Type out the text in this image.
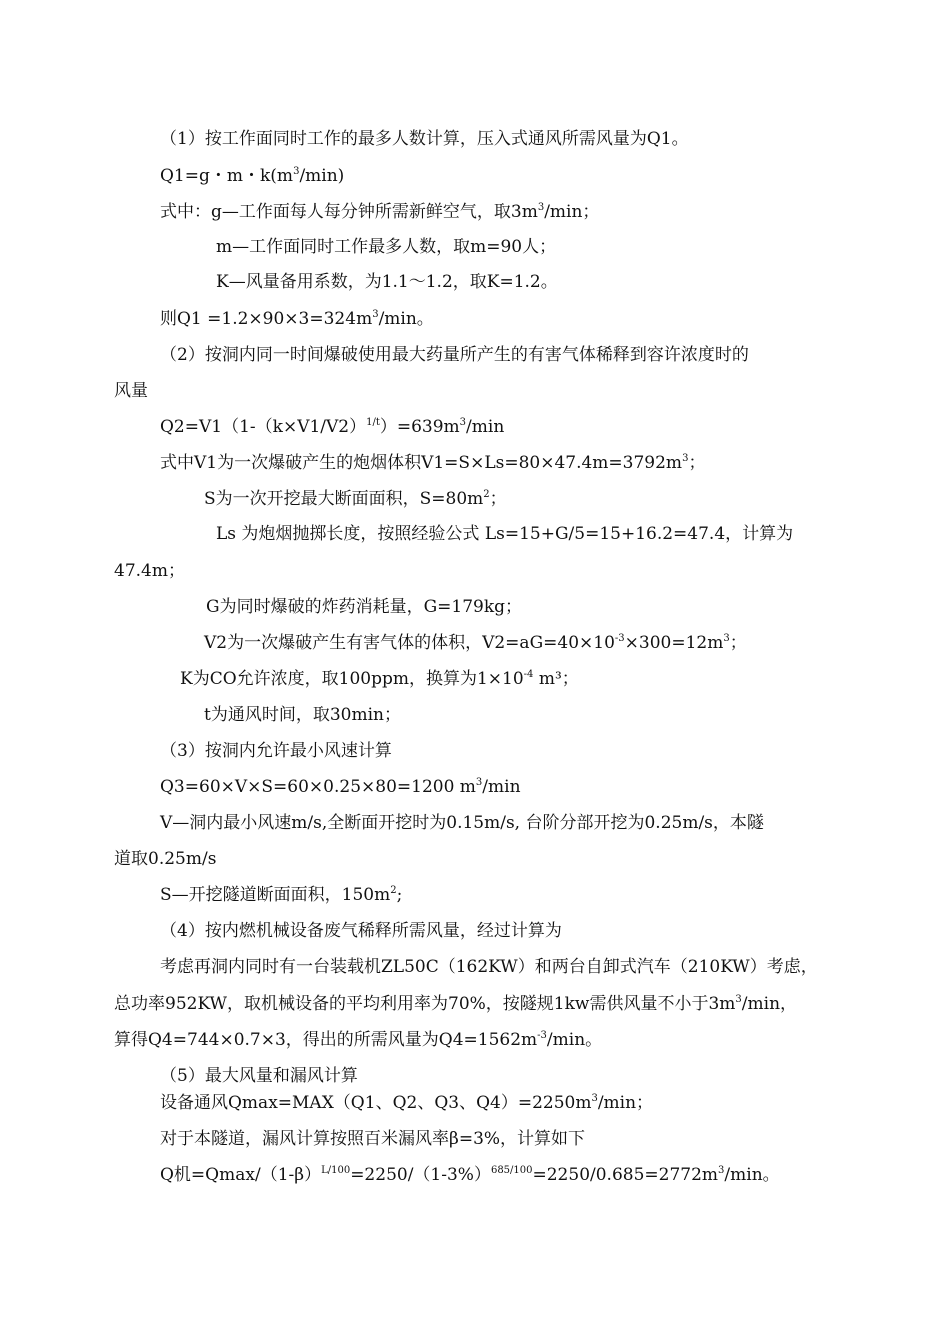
（1）按工作面同时工作的最多人数计算，压入式通风所需风量为Q1。
Q1=g・m・$k(m^3/\min)$
式中：g—工作面每人每分钟所需新鲜空气，取$3m^3/\min$；
m—工作面同时工作最多人数，取m=90人；
K—风量备用系数，为1.1～1.2，取K=1.2。
则$Q1 =1.2\times 90\times 3=324m^3/\min$。
（2）按洞内同一时间爆破使用最大药量所产生的有害气体稀释到容许浓度时的
风量
$Q2=V1(1-(k\times V1/V2)^{1/t})=639m^3/\min$
式中V1为一次爆破产生的炮烟体积$V1=S\times Ls=80\times 47.4m=3792m^3$；
S为一次开挖最大断面面积，$S=80m^2$；
Ls 为炮烟抛掷长度，按照经验公式 Ls=15+G/5=15+16.2=47.4，计算为
47.4m；
G为同时爆破的炸药消耗量，G=179kg；
V2为一次爆破产生有害气体的体积，$V2=aG=40\times 10^{-3}\times 300=12m^3$；
K为CO允许浓度，取100ppm，换算为$1\times 10^{-4}$ m³；
t为通风时间，取30min；
（3）按洞内允许最小风速计算
Q3=60×V×S=60×0.25×80=1200 $m^3/\min$
V—洞内最小风速m/s,全断面开挖时为0.15m/s, 台阶分部开挖为0.25m/s，本隧
道取0.25m/s
S—开挖隧道断面面积，$150m^2$;
（4）按内燃机械设备废气稀释所需风量，经过计算为
考虑再洞内同时有一台装载机ZL50C（162KW）和两台自卸式汽车（210KW）考虑，
总功率952KW，取机械设备的平均利用率为70%，按隧规1kw需供风量不小于$3m^3/\min$，
算得Q4=744×0.7×3，得出的所需风量为$Q4=1562m^{-3}/\min$。
（5）最大风量和漏风计算
设备通风Qmax=MAX（Q1、Q2、Q3、$Q4)=2250m^3/\min$；
对于本隧道，漏风计算按照百米漏风率β=3%，计算如下
Q机$=Qmax/(1-\beta)^{L/100}=2250/(1-3\%)^{685/100}=2250/0.685=2772m^3/\min$。
